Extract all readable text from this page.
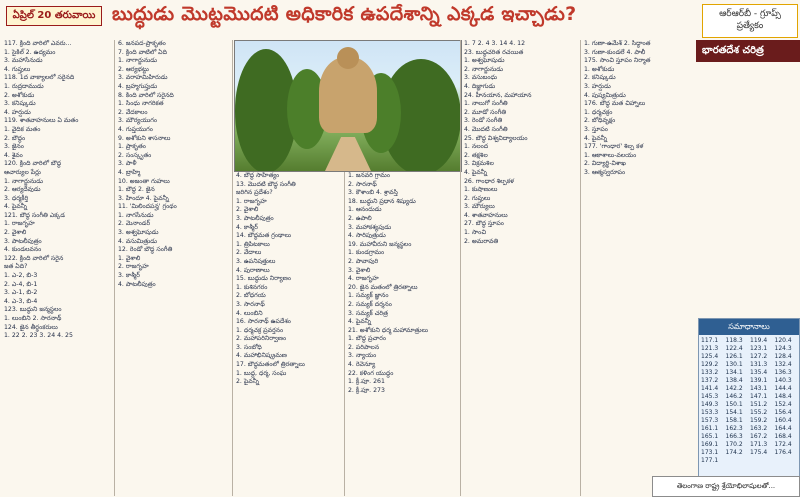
ఏప్రిల్ 20 తరువాయి బుద్ధుడు మొట్టమొదటి అధికారిక ఉపదేశాన్ని ఎక్కడ ఇచ్చాడు?	ఆర్‌ఆర్‌బీ - గ్రూప్స్ ప్రత్యేకం
భారతదేశ చరిత్ర
117. క్రింది వారిలో ఎవరు...
1. సైకిల్ 2. ఉద్యమం
3. మహాసేనుడు
4. గుప్తులు
118. 1ద వాక్యాలలో సరైనది
1. రుద్రదాముడు
2. అశోకుడు
3. కనిష్కుడు
4. హర్షుడు
119. శాతవాహనులు ఏ మతం
1. వైదిక మతం
2. బౌద్ధం
3. జైనం
4. శైవం
120. క్రింది వారిలో బౌద్ధ
ఆచార్యుల పేర్లు
1. నాగార్జునుడు
2. ఆర్యదేవుడు
3. ధర్మకీర్తి
4. పైవన్నీ
121. బౌద్ధ సంగీతి ఎక్కడ
1. రాజగృహ
2. వైశాలి
3. పాటలీపుత్రం
4. కుండలవనం
122. క్రింది వారిలో సరైన
జత ఏది?
1. ఎ-2, బి-3
2. ఎ-4, బి-1
3. ఎ-1, బి-2
4. ఎ-3, బి-4
123. బుద్ధుని జన్మస్థలం
1. లుంబిని 2. సారనాథ్
124. జైన తీర్థంకరులు
1. 22 2. 23 3. 24 4. 25
6. జనపద-ప్రాకృతం
7. క్రింది వాటిలో ఏది
1. నాగార్జునుడు
2. ఆర్యభట్టు
3. వరాహమిహిరుడు
4. బ్రహ్మగుప్తుడు
8. కింది వారిలో సరైనది
1. సింధు నాగరికత
2. వేదకాలం
3. మౌర్యయుగం
4. గుప్తయుగం
9. అశోకుని శాసనాలు
1. ప్రాకృతం
2. సంస్కృతం
3. పాళీ
4. బ్రాహ్మి
10. అజంతా గుహలు
1. బౌద్ధ 2. జైన
3. హిందూ 4. పైవన్నీ
11. 'మిలిందపన్హ' గ్రంథం
1. నాగసేనుడు
2. మెనాండర్
3. అశ్వఘోషుడు
4. వసుమిత్రుడు
12. రెండో బౌద్ధ సంగీతి
1. వైశాలి
2. రాజగృహ
3. కాశ్మీర్
4. పాటలీపుత్రం
4. బౌద్ధ సాహిత్యం
13. మొదటి బౌద్ధ సంగీతి
జరిగిన ప్రదేశం?
1. రాజగృహ
2. వైశాలి
3. పాటలీపుత్రం
4. కాశ్మీర్
14. బౌద్ధమత గ్రంథాలు
1. త్రిపిటకాలు
2. వేదాలు
3. ఉపనిషత్తులు
4. పురాణాలు
15. బుద్ధుడు నిర్యాణం
1. కుశినగరం
2. బోధగయ
3. సారనాథ్
4. లుంబిని
16. సారనాథ్ ఉపదేశం
1. ధర్మచక్ర ప్రవర్తనం
2. మహాపరినిర్వాణం
3. సంబోధి
4. మహాభినిష్క్రమణ
17. బౌద్ధమతంలో త్రిరత్నాలు
1. బుద్ధ, ధర్మ, సంఘ
2. పైవన్నీ
1. జనవరి గ్రామం
2. సారనాథ్
3. కౌశాంబి 4. శ్రావస్తి
18. బుద్ధుని ప్రధాన శిష్యుడు
1. ఆనందుడు
2. ఉపాలి
3. మహాకశ్యపుడు
4. సారిపుత్రుడు
19. మహావీరుని జన్మస్థలం
1. కుండగ్రామం
2. పావాపురి
3. వైశాలి
4. రాజగృహ
20. జైన మతంలో త్రిరత్నాలు
1. సమ్యక్ జ్ఞానం
2. సమ్యక్ దర్శనం
3. సమ్యక్ చరిత్ర
4. పైవన్నీ
21. అశోకుని ధర్మ మహామాత్రులు
1. బౌద్ధ ప్రచారం
2. పరిపాలన
3. న్యాయం
4. రెవెన్యూ
22. కళింగ యుద్ధం
1. క్రీ.పూ. 261
2. క్రీ.పూ. 273
1. 7 2. 4 3. 14 4. 12
23. బుద్ధచరిత రచయిత
1. అశ్వఘోషుడు
2. నాగార్జునుడు
3. వసుబంధు
4. దిజ్ఞాగుడు
24. హీనయాన, మహాయాన
1. నాలుగో సంగీతి
2. మూడో సంగీతి
3. రెండో సంగీతి
4. మొదటి సంగీతి
25. బౌద్ధ విశ్వవిద్యాలయం
1. నలంద
2. తక్షశిల
3. విక్రమశిల
4. పైవన్నీ
26. గాంధార శిల్పకళ
1. కుషాణులు
2. గుప్తులు
3. మౌర్యులు
4. శాతవాహనులు
27. బౌద్ధ స్తూపం
1. సాంచి
2. అమరావతి
1. గుణా-ఉమేశ్ 2. సిద్ధాంత
3. గుణా-కుండలే 4. పాలీ
175. సాంచి స్తూపం నిర్మాత
1. అశోకుడు
2. కనిష్కుడు
3. హర్షుడు
4. పుష్యమిత్రుడు
176. బౌద్ధ మత చిహ్నాలు
1. ధర్మచక్రం
2. బోధివృక్షం
3. స్తూపం
4. పైవన్నీ
177. 'గాంధార' శిల్ప కళ
1. ఆకాశాలు-వలయం
2. విద్యార్థి-విశాఖ
3. ఆత్మస్వరూపం
సమాధానాలు
117.1	118.3	119.4	120.4
121.3	122.4	123.1	124.3
125.4	126.1	127.2	128.4
129.2	130.1	131.3	132.4
133.2	134.1	135.4	136.3
137.2	138.4	139.1	140.3
141.4	142.2	143.1	144.4
145.3	146.2	147.1	148.4
149.3	150.1	151.2	152.4
153.3	154.1	155.2	156.4
157.3	158.1	159.2	160.4
161.1	162.3	163.2	164.4
165.1	166.3	167.2	168.4
169.1	170.2	171.3	172.4
173.1	174.2	175.4	176.4
177.1
తెలంగాణ రాష్ట్ర శ్రేయోభిలాషులతో...
